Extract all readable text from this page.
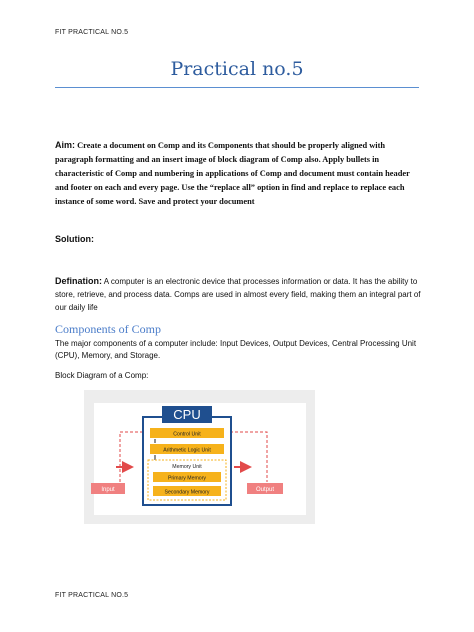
FIT PRACTICAL NO.5
Practical no.5
Aim: Create a document on Comp and its Components that should be properly aligned with paragraph formatting and an insert image of block diagram of Comp also. Apply bullets in characteristic of Comp and numbering in applications of Comp and document must contain header and footer on each and every page. Use the “replace all” option in find and replace to replace each instance of some word. Save and protect your document
Solution:
Defination: A computer is an electronic device that processes information or data. It has the ability to store, retrieve, and process data. Comps are used in almost every field, making them an integral part of our daily life
Components of Comp
The major components of a computer include: Input Devices, Output Devices, Central Processing Unit (CPU), Memory, and Storage.
Block Diagram of a Comp:
CPU
Control Unit
Arithmetic Logic Unit
Memory Unit
Primary Memory
Secondary Memory
Input	Output
FIT PRACTICAL NO.5
